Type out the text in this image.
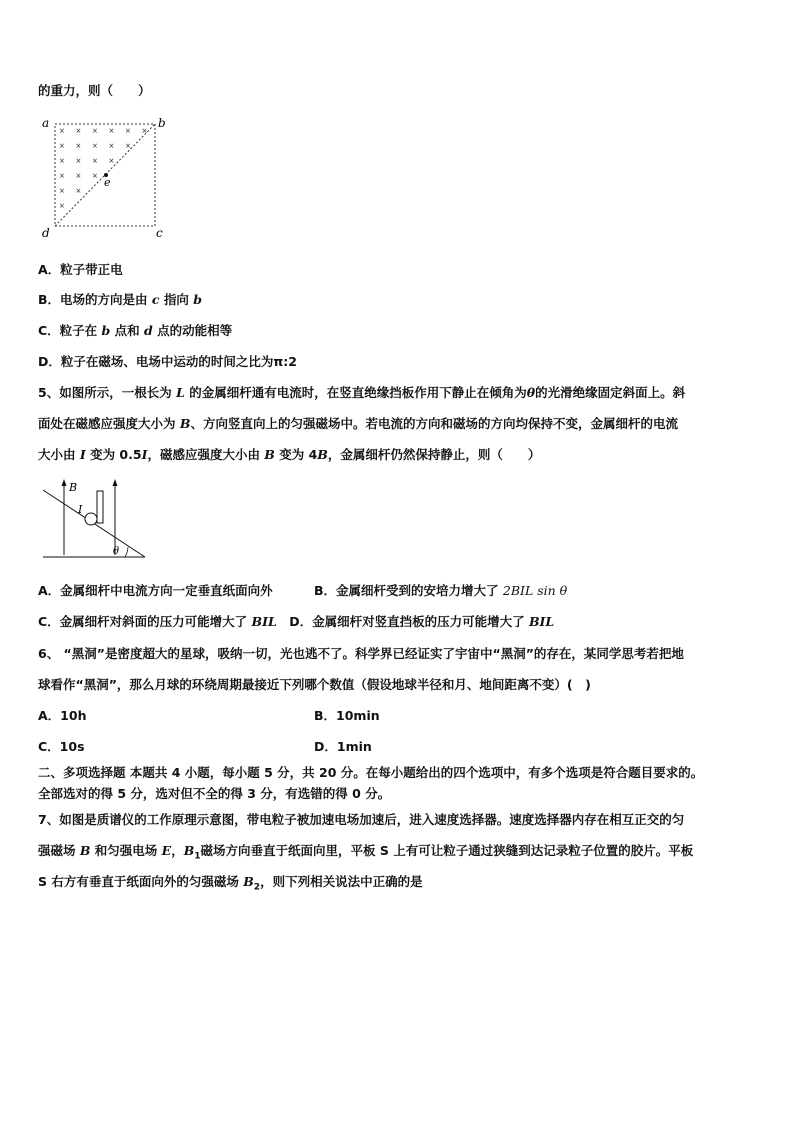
的重力，则（　　）
× × × × × ×
× × × × ×
× × × ×
× × ×
× ×
×
a	b
c
d
e
A．粒子带正电
B．电场的方向是由 c 指向 b
C．粒子在 b 点和 d 点的动能相等
D．粒子在磁场、电场中运动的时间之比为π:2
5、如图所示，一根长为 L 的金属细杆通有电流时，在竖直绝缘挡板作用下静止在倾角为θ的光滑绝缘固定斜面上。斜
面处在磁感应强度大小为 B、方向竖直向上的匀强磁场中。若电流的方向和磁场的方向均保持不变，金属细杆的电流
大小由 I 变为 0.5I，磁感应强度大小由 B 变为 4B，金属细杆仍然保持静止，则（　　）
B
I
θ
A．金属细杆中电流方向一定垂直纸面向外	B．金属细杆受到的安培力增大了 2BIL sin θ
C．金属细杆对斜面的压力可能增大了 BIL　 D．金属细杆对竖直挡板的压力可能增大了 BIL
6、 “黑洞”是密度超大的星球，吸纳一切，光也逃不了。科学界已经证实了宇宙中“黑洞”的存在，某同学思考若把地
球看作“黑洞”，那么月球的环绕周期最接近下列哪个数值（假设地球半径和月、地间距离不变）(　)
A．10h	B．10min
C．10s	D．1min
二、多项选择题 本题共 4 小题，每小题 5 分，共 20 分。在每小题给出的四个选项中，有多个选项是符合题目要求的。
全部选对的得 5 分，选对但不全的得 3 分，有选错的得 0 分。
7、如图是质谱仪的工作原理示意图，带电粒子被加速电场加速后，进入速度选择器。速度选择器内存在相互正交的匀
强磁场 B 和匀强电场 E，$B_1$磁场方向垂直于纸面向里，平板 S 上有可让粒子通过狭缝到达记录粒子位置的胶片。平板
S 右方有垂直于纸面向外的匀强磁场 $B_2$，则下列相关说法中正确的是
